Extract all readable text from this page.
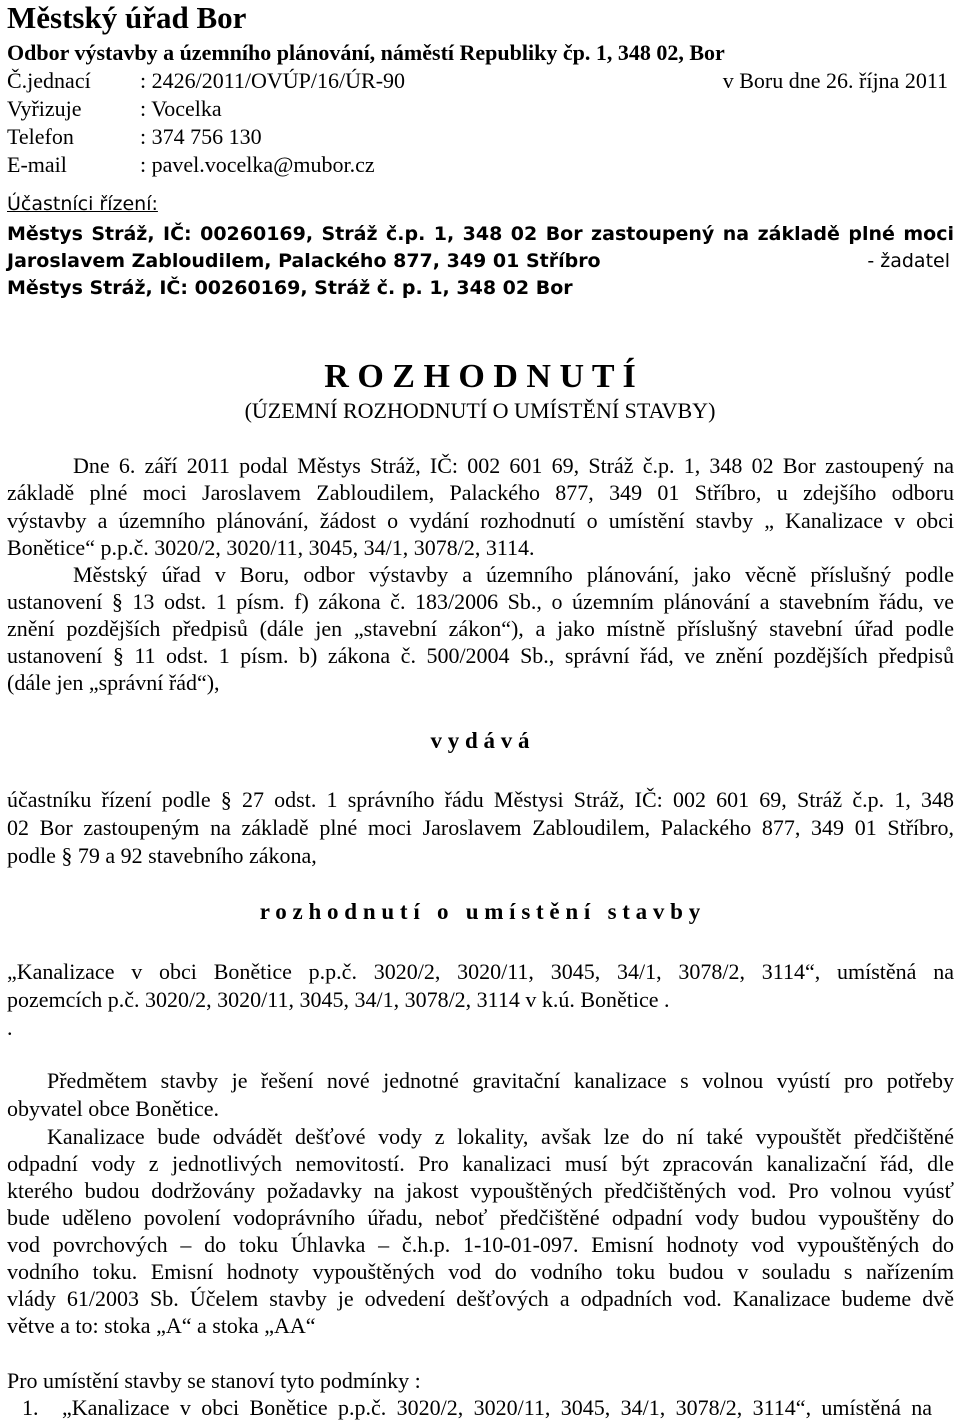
Městský úřad Bor
Odbor výstavby a územního plánování, náměstí Republiky čp. 1, 348 02, Bor
Č.jednací : 2426/2011/OVÚP/16/ÚR-90	v Boru dne 26. října 2011
Vyřizuje	: Vocelka
Telefon	: 374 756 130
E-mail	: pavel.vocelka@mubor.cz
Účastníci řízení:
Městys Stráž, IČ: 00260169, Stráž č.p. 1, 348 02 Bor zastoupený na základě plné moci
Jaroslavem Zabloudilem, Palackého 877, 349 01 Stříbro	- žadatel
Městys Stráž, IČ: 00260169, Stráž č. p. 1, 348 02 Bor
R O Z H O D N U T Í
(ÚZEMNÍ ROZHODNUTÍ O UMÍSTĚNÍ STAVBY)
Dne 6. září 2011 podal Městys Stráž, IČ: 002 601 69, Stráž č.p. 1, 348 02 Bor zastoupený na
základě plné moci Jaroslavem Zabloudilem, Palackého 877, 349 01 Stříbro, u zdejšího odboru
výstavby a územního plánování, žádost o vydání rozhodnutí o umístění stavby „ Kanalizace v obci
Bonětice“ p.p.č. 3020/2, 3020/11, 3045, 34/1, 3078/2, 3114.
Městský úřad v Boru, odbor výstavby a územního plánování, jako věcně příslušný podle
ustanovení § 13 odst. 1 písm. f) zákona č. 183/2006 Sb., o územním plánování a stavebním řádu, ve
znění pozdějších předpisů (dále jen „stavební zákon“), a jako místně příslušný stavební úřad podle
ustanovení § 11 odst. 1 písm. b) zákona č. 500/2004 Sb., správní řád, ve znění pozdějších předpisů
(dále jen „správní řád“),
v y d á v á
účastníku řízení podle § 27 odst. 1 správního řádu Městysi Stráž, IČ: 002 601 69, Stráž č.p. 1, 348
02 Bor zastoupeným na základě plné moci Jaroslavem Zabloudilem, Palackého 877, 349 01 Stříbro,
podle § 79 a 92 stavebního zákona,
r o z h o d n u t í   o   u m í s t ě n í   s t a v b y
„Kanalizace v obci Bonětice p.p.č. 3020/2, 3020/11, 3045, 34/1, 3078/2, 3114“, umístěná na
pozemcích p.č. 3020/2, 3020/11, 3045, 34/1, 3078/2, 3114 v k.ú. Bonětice .
.
Předmětem stavby je řešení nové jednotné gravitační kanalizace s volnou vyústí pro potřeby
obyvatel obce Bonětice.
Kanalizace bude odvádět dešťové vody z lokality, avšak lze do ní také vypouštět předčištěné
odpadní vody z jednotlivých nemovitostí. Pro kanalizaci musí být zpracován kanalizační řád, dle
kterého budou dodržovány požadavky na jakost vypouštěných předčištěných vod. Pro volnou vyúsť
bude uděleno povolení vodoprávního úřadu, neboť předčištěné odpadní vody budou vypouštěny do
vod povrchových – do toku Úhlavka – č.h.p. 1-10-01-097. Emisní hodnoty vod vypouštěných do
vodního toku. Emisní hodnoty vypouštěných vod do vodního toku budou v souladu s nařízením
vlády 61/2003 Sb. Účelem stavby je odvedení dešťových a odpadních vod. Kanalizace budeme dvě
větve a to: stoka „A“ a stoka „AA“
Pro umístění stavby se stanoví tyto podmínky :
1. „Kanalizace v obci Bonětice p.p.č. 3020/2, 3020/11, 3045, 34/1, 3078/2, 3114“, umístěná na
